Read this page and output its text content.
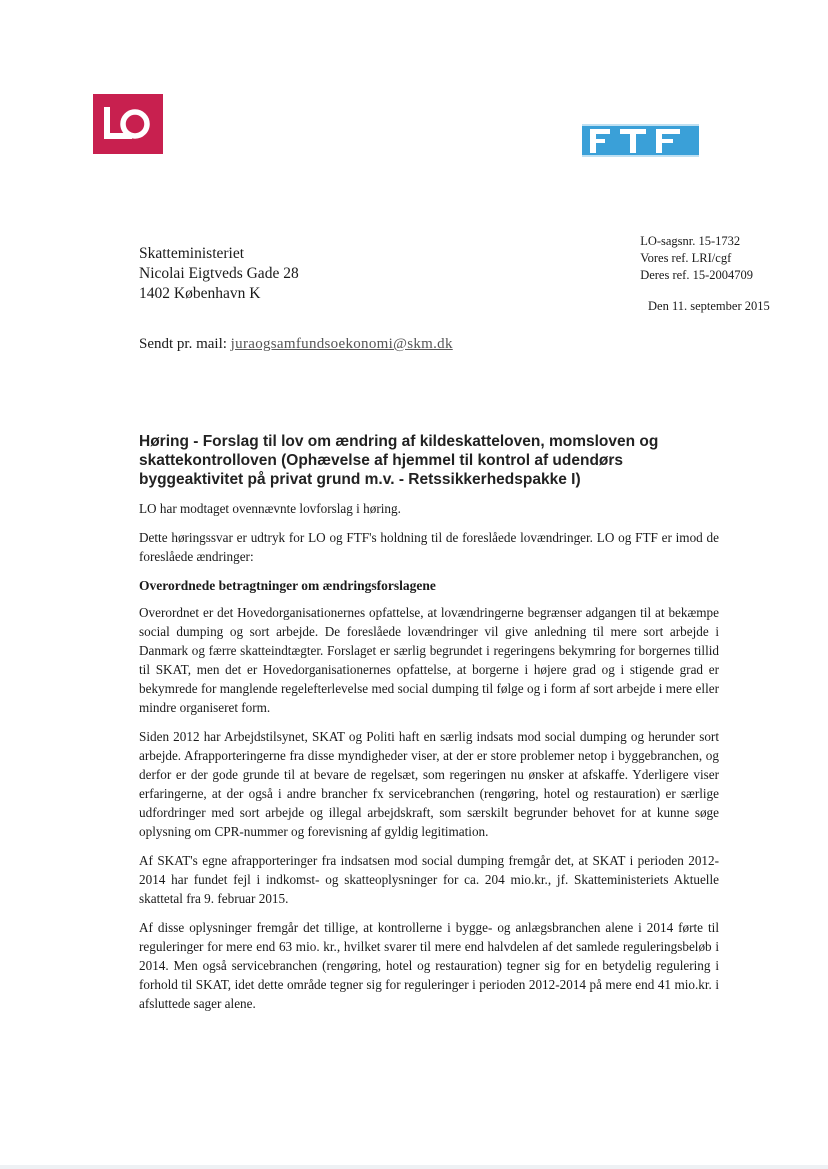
Skatteministeriet
Nicolai Eigtveds Gade 28
1402 København K
LO-sagsnr. 15-1732
Vores ref. LRI/cgf
Deres ref. 15-2004709
Den 11. september 2015
Sendt pr. mail: juraogsamfundsoekonomi@skm.dk
Høring - Forslag til lov om ændring af kildeskatteloven, momsloven og skattekontrolloven (Ophævelse af hjemmel til kontrol af udendørs byggeaktivitet på privat grund m.v. - Retssikkerhedspakke I)
LO har modtaget ovennævnte lovforslag i høring.
Dette høringssvar er udtryk for LO og FTF's holdning til de foreslåede lovændringer. LO og FTF er imod de foreslåede ændringer:
Overordnede betragtninger om ændringsforslagene
Overordnet er det Hovedorganisationernes opfattelse, at lovændringerne begrænser adgangen til at bekæmpe social dumping og sort arbejde. De foreslåede lovændringer vil give anledning til mere sort arbejde i Danmark og færre skatteindtægter. Forslaget er særlig begrundet i regeringens bekymring for borgernes tillid til SKAT, men det er Hovedorganisationernes opfattelse, at borgerne i højere grad og i stigende grad er bekymrede for manglende regelefterlevelse med social dumping til følge og i form af sort arbejde i mere eller mindre organiseret form.
Siden 2012 har Arbejdstilsynet, SKAT og Politi haft en særlig indsats mod social dumping og herunder sort arbejde. Afrapporteringerne fra disse myndigheder viser, at der er store problemer netop i byggebranchen, og derfor er der gode grunde til at bevare de regelsæt, som regeringen nu ønsker at afskaffe. Yderligere viser erfaringerne, at der også i andre brancher fx servicebranchen (rengøring, hotel og restauration) er særlige udfordringer med sort arbejde og illegal arbejdskraft, som særskilt begrunder behovet for at kunne søge oplysning om CPR-nummer og forevisning af gyldig legitimation.
Af SKAT's egne afrapporteringer fra indsatsen mod social dumping fremgår det, at SKAT i perioden 2012-2014 har fundet fejl i indkomst- og skatteoplysninger for ca. 204 mio.kr., jf. Skatteministeriets Aktuelle skattetal fra 9. februar 2015.
Af disse oplysninger fremgår det tillige, at kontrollerne i bygge- og anlægsbranchen alene i 2014 førte til reguleringer for mere end 63 mio. kr., hvilket svarer til mere end halvdelen af det samlede reguleringsbeløb i 2014. Men også servicebranchen (rengøring, hotel og restauration) tegner sig for en betydelig regulering i forhold til SKAT, idet dette område tegner sig for reguleringer i perioden 2012-2014 på mere end 41 mio.kr. i afsluttede sager alene.
